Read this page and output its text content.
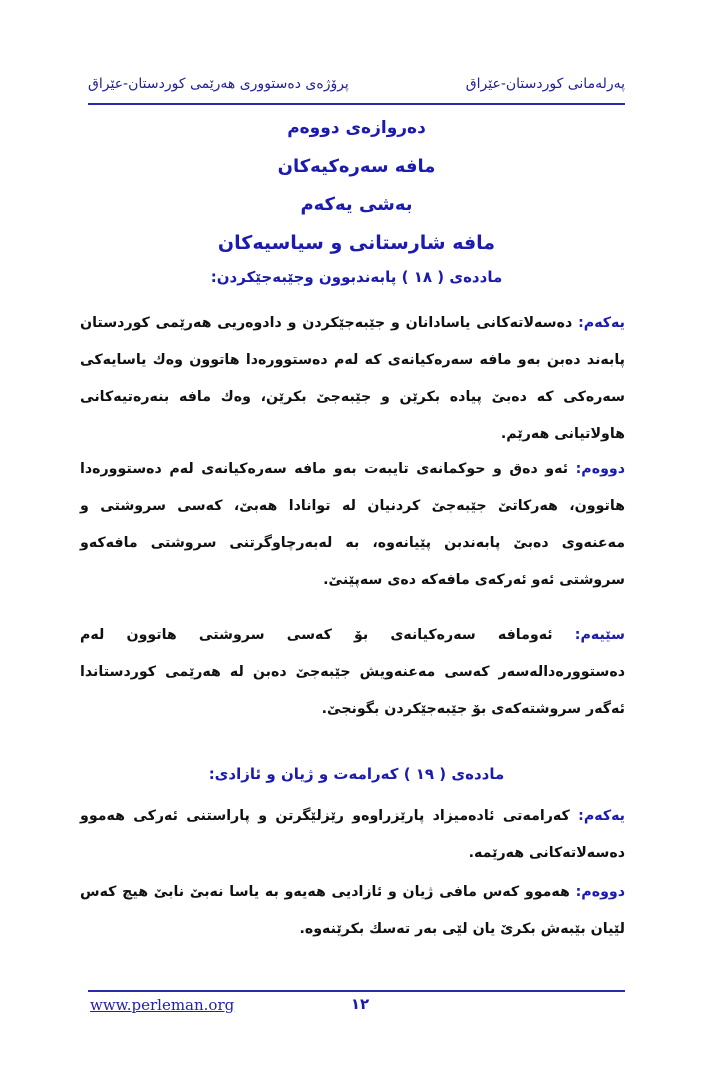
پەرلەمانی کوردستان-عێراق
پرۆژەی دەستووری هەرێمی کوردستان-عێراق
دەروازەی دووەم
مافە سەرەکیەکان
بەشی یەکەم
مافە شارستانی و سیاسیەکان
ماددەی ( ١٨ ) پابەندبوون وجێبەجێکردن:
یەکەم: دەسەلاتەکانی یاسادانان و جێبەجێکردن و دادوەریی هەرێمی کوردستان پابەند دەبن بەو مافە سەرەکیانەی کە لەم دەستوورەدا هاتوون وەك یاسایەکی سەرەکی کە دەبێ پیادە بکرێن و جێبەجێ بکرێن، وەك مافە بنەرەتیەکانی هاولاتیانی هەرێم.
دووەم: ئەو دەق و حوکمانەی تایبەت بەو مافە سەرەکیانەی لەم دەستوورەدا هاتوون، هەرکاتێ جێبەجێ کردنیان لە توانادا هەبێ، کەسی سروشتی و مەعنەوی دەبێ پابەندبن پێیانەوە، بە لەبەرچاوگرتنی سروشتی مافەکەو سروشتی ئەو ئەرکەی مافەکە دەی سەپێنێ.
سێیەم: ئەومافە سەرەکیانەی بۆ کەسی سروشتی هاتوون لەم دەستوورەدالەسەر کەسی مەعنەویش جێبەجێ دەبن لە هەرێمی کوردستاندا ئەگەر سروشتەکەی بۆ جێبەجێکردن بگونجێ.
ماددەی ( ١٩ ) کەرامەت و ژیان و ئازادی:
یەکەم: کەرامەتی ئادەمیزاد پارێزراوەو رێزلێگرتن و پاراستنی ئەرکی هەموو دەسەلاتەکانی هەرێمە.
دووەم: هەموو کەس مافی ژیان و ئازادیی هەیەو بە یاسا نەبێ نابێ هیچ کەس لێیان بێبەش بکرێ یان لێی بەر تەسك بکرێنەوە.
www.perleman.org	١٢
